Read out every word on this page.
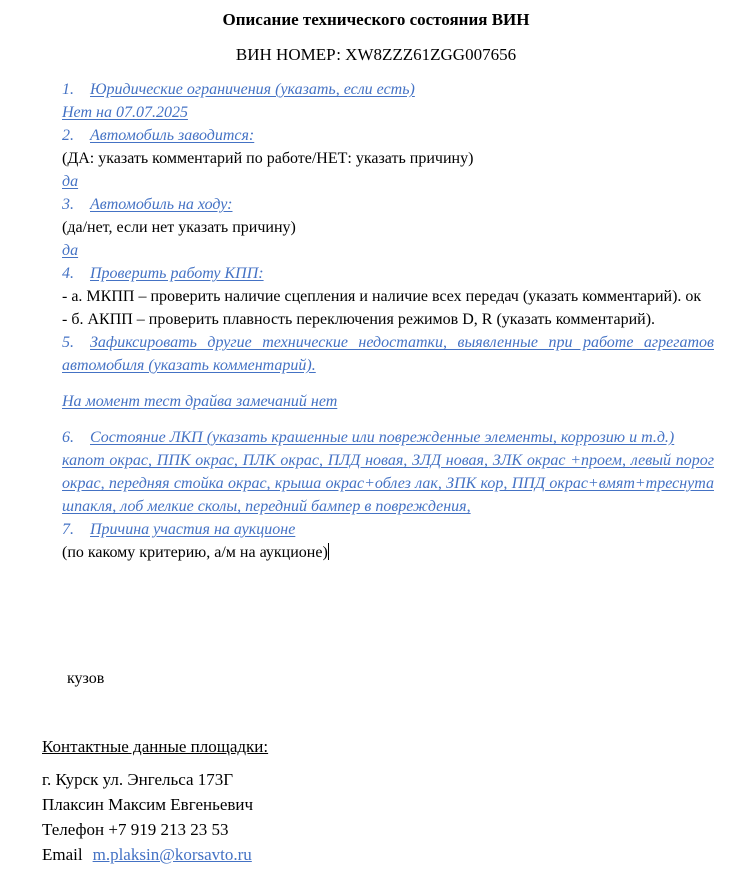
Описание технического состояния ВИН
ВИН НОМЕР: XW8ZZZ61ZGG007656
1. Юридические ограничения (указать, если есть)
Нет на 07.07.2025
2. Автомобиль заводится:
(ДА: указать комментарий по работе/НЕТ: указать причину)
да
3. Автомобиль на ходу:
(да/нет, если нет указать причину)
да
4. Проверить работу КПП:
- а. МКПП – проверить наличие сцепления и наличие всех передач (указать комментарий). ок
- б. АКПП – проверить плавность переключения режимов D, R (указать комментарий).
5. Зафиксировать другие технические недостатки, выявленные при работе агрегатов автомобиля (указать комментарий).
На момент тест драйва замечаний нет
6. Состояние ЛКП (указать крашенные или поврежденные элементы, коррозию и т.д.)
капот окрас, ППК окрас, ПЛК окрас, ПЛД новая, ЗЛД новая, ЗЛК окрас +проем, левый порог окрас, передняя стойка окрас, крыша окрас+облез лак, ЗПК кор, ППД окрас+вмят+треснута шпакля, лоб мелкие сколы, передний бампер в повреждения,
7. Причина участия на аукционе
(по какому критерию, а/м на аукционе)
кузов
Контактные данные площадки:
г. Курск ул. Энгельса 173Г
Плаксин Максим Евгеньевич
Телефон +7 919 213 23 53
Email m.plaksin@korsavto.ru
